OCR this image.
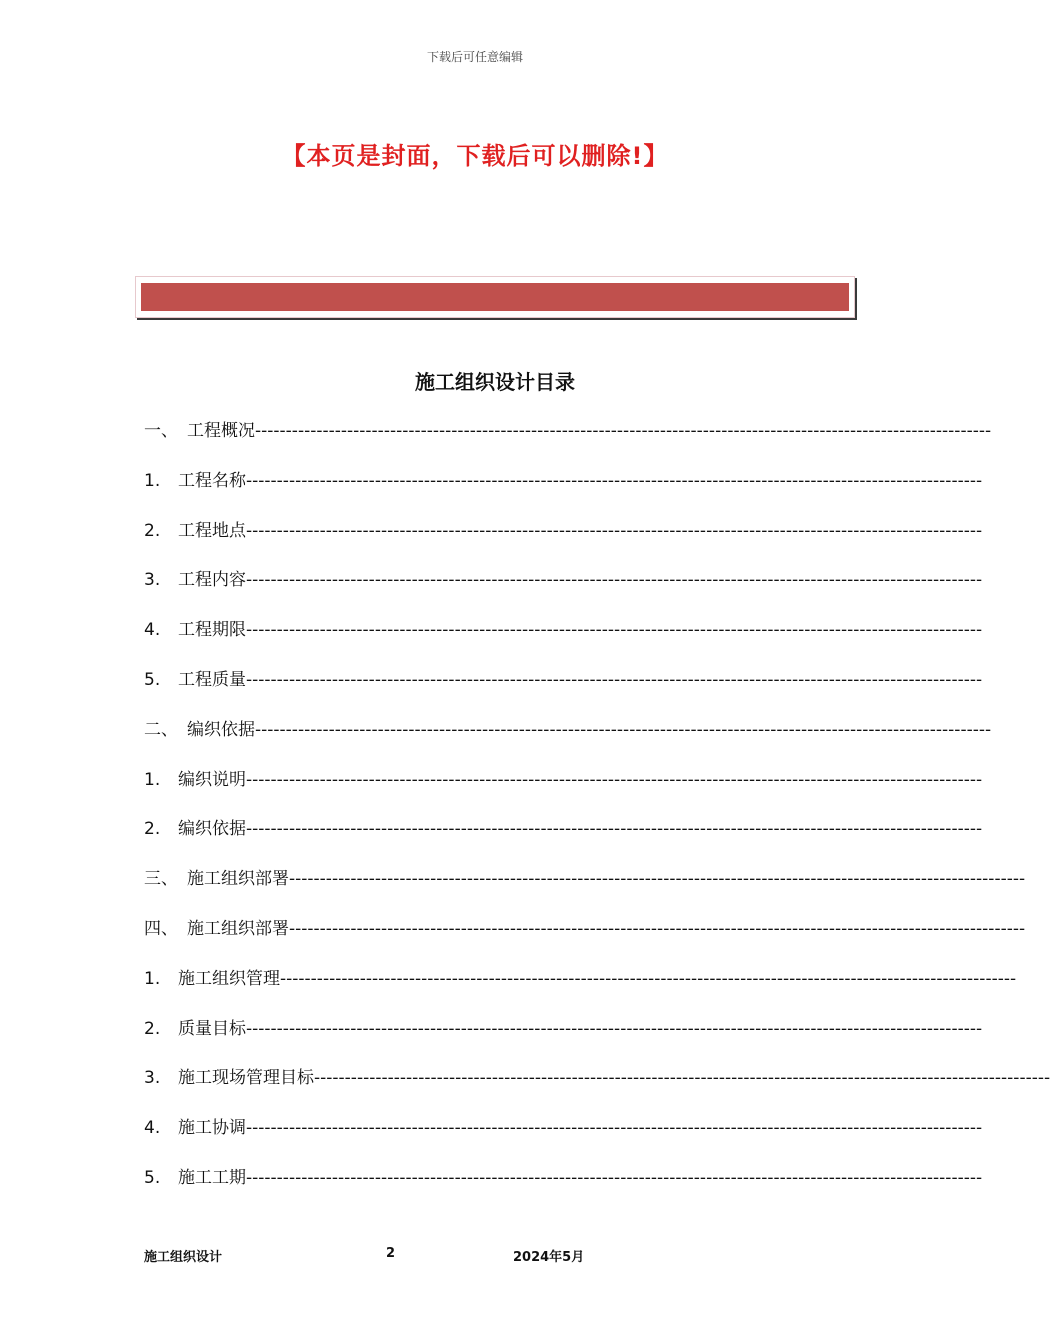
下载后可任意编辑
【本页是封面，下载后可以删除!】
施工组织设计目录
一、 工程概况------------------------------------------------------------------------------------------------------------------------
1. 工程名称------------------------------------------------------------------------------------------------------------------------
2. 工程地点------------------------------------------------------------------------------------------------------------------------
3. 工程内容------------------------------------------------------------------------------------------------------------------------
4. 工程期限------------------------------------------------------------------------------------------------------------------------
5. 工程质量------------------------------------------------------------------------------------------------------------------------
二、 编织依据------------------------------------------------------------------------------------------------------------------------
1. 编织说明------------------------------------------------------------------------------------------------------------------------
2. 编织依据------------------------------------------------------------------------------------------------------------------------
三、 施工组织部署------------------------------------------------------------------------------------------------------------------------
四、 施工组织部署------------------------------------------------------------------------------------------------------------------------
1. 施工组织管理------------------------------------------------------------------------------------------------------------------------
2. 质量目标------------------------------------------------------------------------------------------------------------------------
3. 施工现场管理目标------------------------------------------------------------------------------------------------------------------------
4. 施工协调------------------------------------------------------------------------------------------------------------------------
5. 施工工期------------------------------------------------------------------------------------------------------------------------
施工组织设计	2	2024年5月
